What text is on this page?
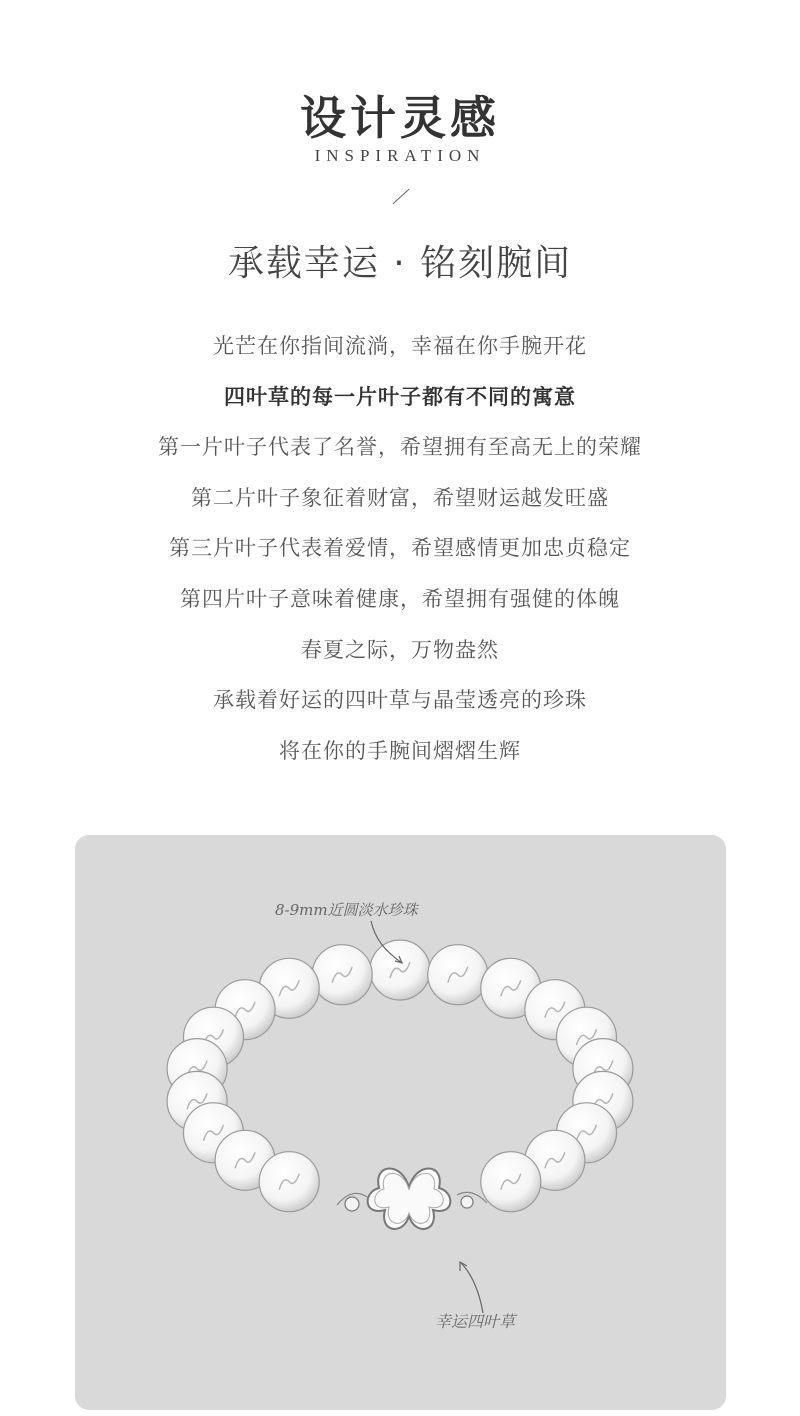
设计灵感
INSPIRATION
承载幸运 · 铭刻腕间
光芒在你指间流淌，幸福在你手腕开花
四叶草的每一片叶子都有不同的寓意
第一片叶子代表了名誉，希望拥有至高无上的荣耀
第二片叶子象征着财富，希望财运越发旺盛
第三片叶子代表着爱情，希望感情更加忠贞稳定
第四片叶子意味着健康，希望拥有强健的体魄
春夏之际，万物盎然
承载着好运的四叶草与晶莹透亮的珍珠
将在你的手腕间熠熠生辉
8-9mm近圆淡水珍珠
幸运四叶草
